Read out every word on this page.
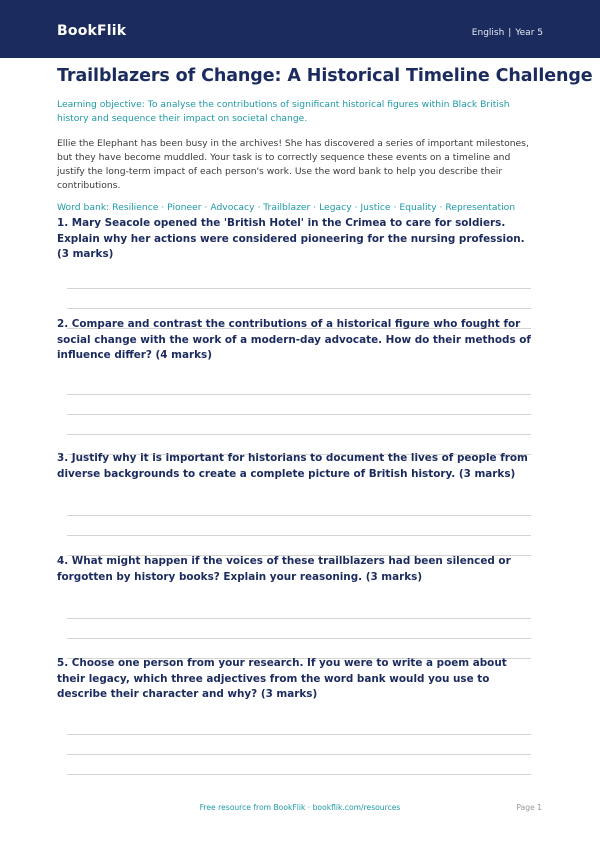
BookFlik	English | Year 5
Trailblazers of Change: A Historical Timeline Challenge

Learning objective: To analyse the contributions of significant historical figures within Black British history and sequence their impact on societal change.

Ellie the Elephant has been busy in the archives! She has discovered a series of important milestones, but they have become muddled. Your task is to correctly sequence these events on a timeline and justify the long-term impact of each person's work. Use the word bank to help you describe their contributions.

Word bank: Resilience · Pioneer · Advocacy · Trailblazer · Legacy · Justice · Equality · Representation

1. Mary Seacole opened the 'British Hotel' in the Crimea to care for soldiers. Explain why her actions were considered pioneering for the nursing profession. (3 marks)

2. Compare and contrast the contributions of a historical figure who fought for social change with the work of a modern-day advocate. How do their methods of influence differ? (4 marks)

3. Justify why it is important for historians to document the lives of people from diverse backgrounds to create a complete picture of British history. (3 marks)

4. What might happen if the voices of these trailblazers had been silenced or forgotten by history books? Explain your reasoning. (3 marks)

5. Choose one person from your research. If you were to write a poem about their legacy, which three adjectives from the word bank would you use to describe their character and why? (3 marks)

Free resource from BookFlik · bookflik.com/resources	Page 1
